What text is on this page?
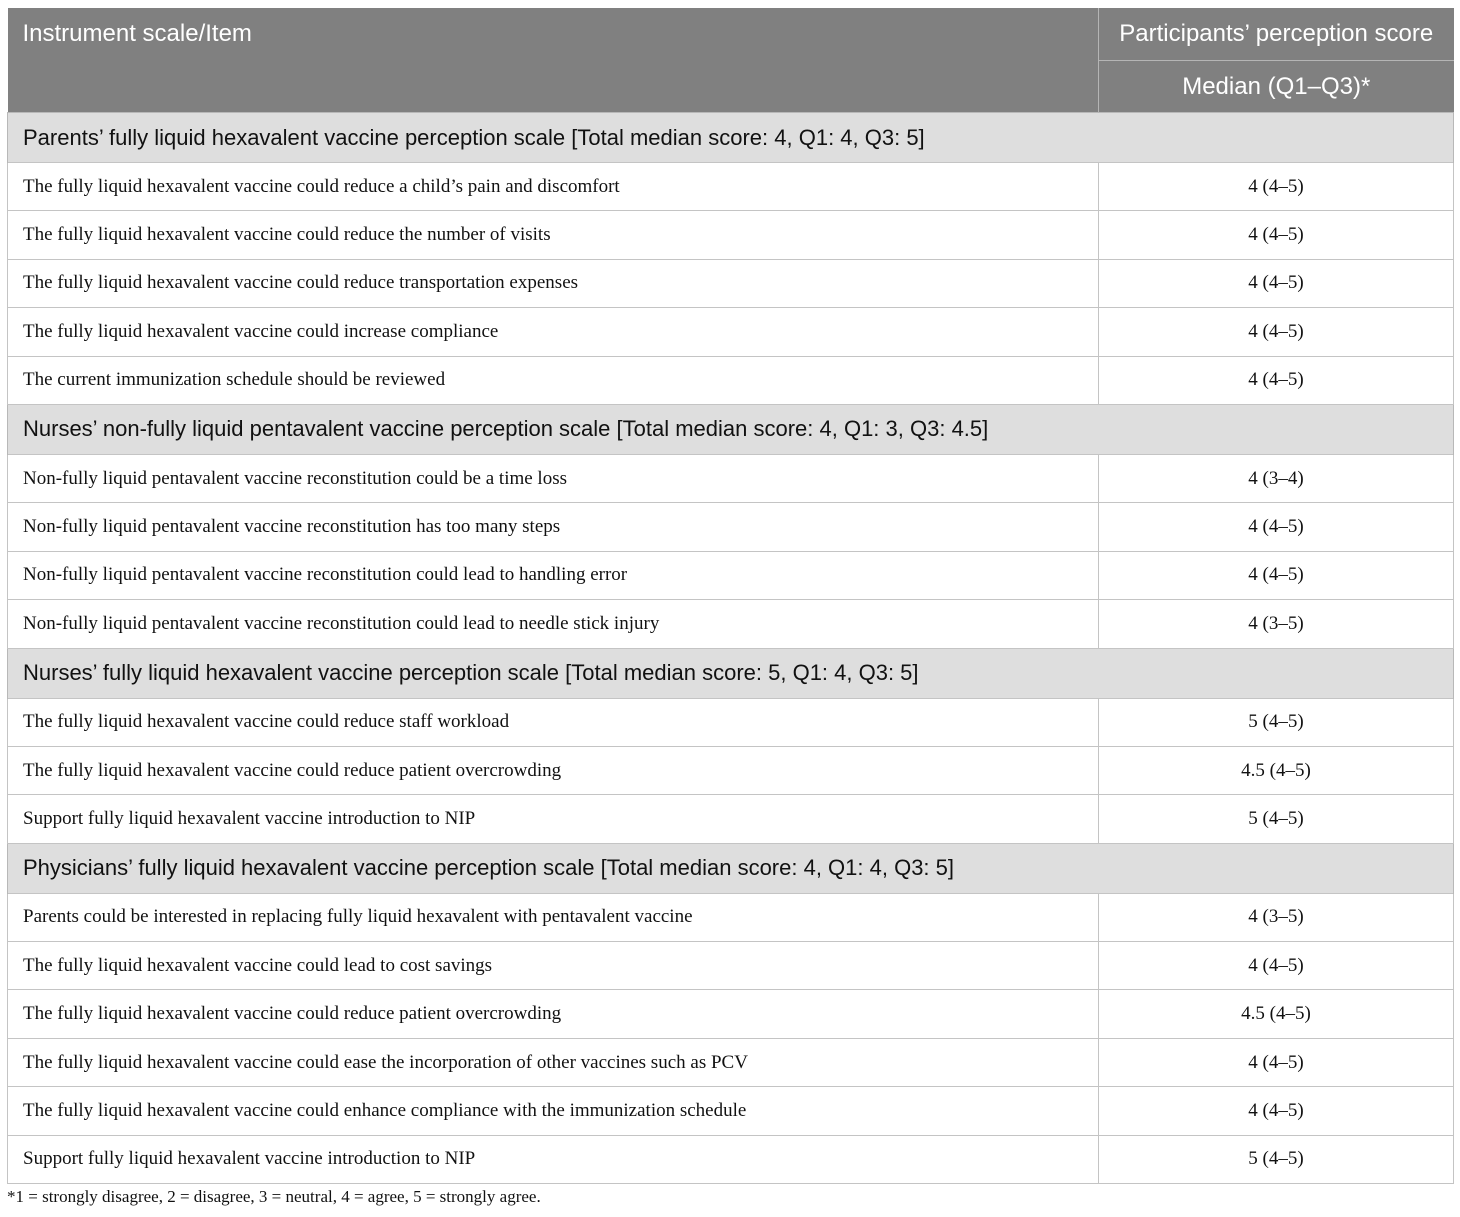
Instrument scale/Item	Participants’ perception score
	Median (Q1–Q3)*
Parents’ fully liquid hexavalent vaccine perception scale [Total median score: 4, Q1: 4, Q3: 5]	
The fully liquid hexavalent vaccine could reduce a child’s pain and discomfort	4 (4–5)
The fully liquid hexavalent vaccine could reduce the number of visits	4 (4–5)
The fully liquid hexavalent vaccine could reduce transportation expenses	4 (4–5)
The fully liquid hexavalent vaccine could increase compliance	4 (4–5)
The current immunization schedule should be reviewed	4 (4–5)
Nurses’ non-fully liquid pentavalent vaccine perception scale [Total median score: 4, Q1: 3, Q3: 4.5]	
Non-fully liquid pentavalent vaccine reconstitution could be a time loss	4 (3–4)
Non-fully liquid pentavalent vaccine reconstitution has too many steps	4 (4–5)
Non-fully liquid pentavalent vaccine reconstitution could lead to handling error	4 (4–5)
Non-fully liquid pentavalent vaccine reconstitution could lead to needle stick injury	4 (3–5)
Nurses’ fully liquid hexavalent vaccine perception scale [Total median score: 5, Q1: 4, Q3: 5]	
The fully liquid hexavalent vaccine could reduce staff workload	5 (4–5)
The fully liquid hexavalent vaccine could reduce patient overcrowding	4.5 (4–5)
Support fully liquid hexavalent vaccine introduction to NIP	5 (4–5)
Physicians’ fully liquid hexavalent vaccine perception scale [Total median score: 4, Q1: 4, Q3: 5]	
Parents could be interested in replacing fully liquid hexavalent with pentavalent vaccine	4 (3–5)
The fully liquid hexavalent vaccine could lead to cost savings	4 (4–5)
The fully liquid hexavalent vaccine could reduce patient overcrowding	4.5 (4–5)
The fully liquid hexavalent vaccine could ease the incorporation of other vaccines such as PCV	4 (4–5)
The fully liquid hexavalent vaccine could enhance compliance with the immunization schedule	4 (4–5)
Support fully liquid hexavalent vaccine introduction to NIP	5 (4–5)
*1 = strongly disagree, 2 = disagree, 3 = neutral, 4 = agree, 5 = strongly agree.
